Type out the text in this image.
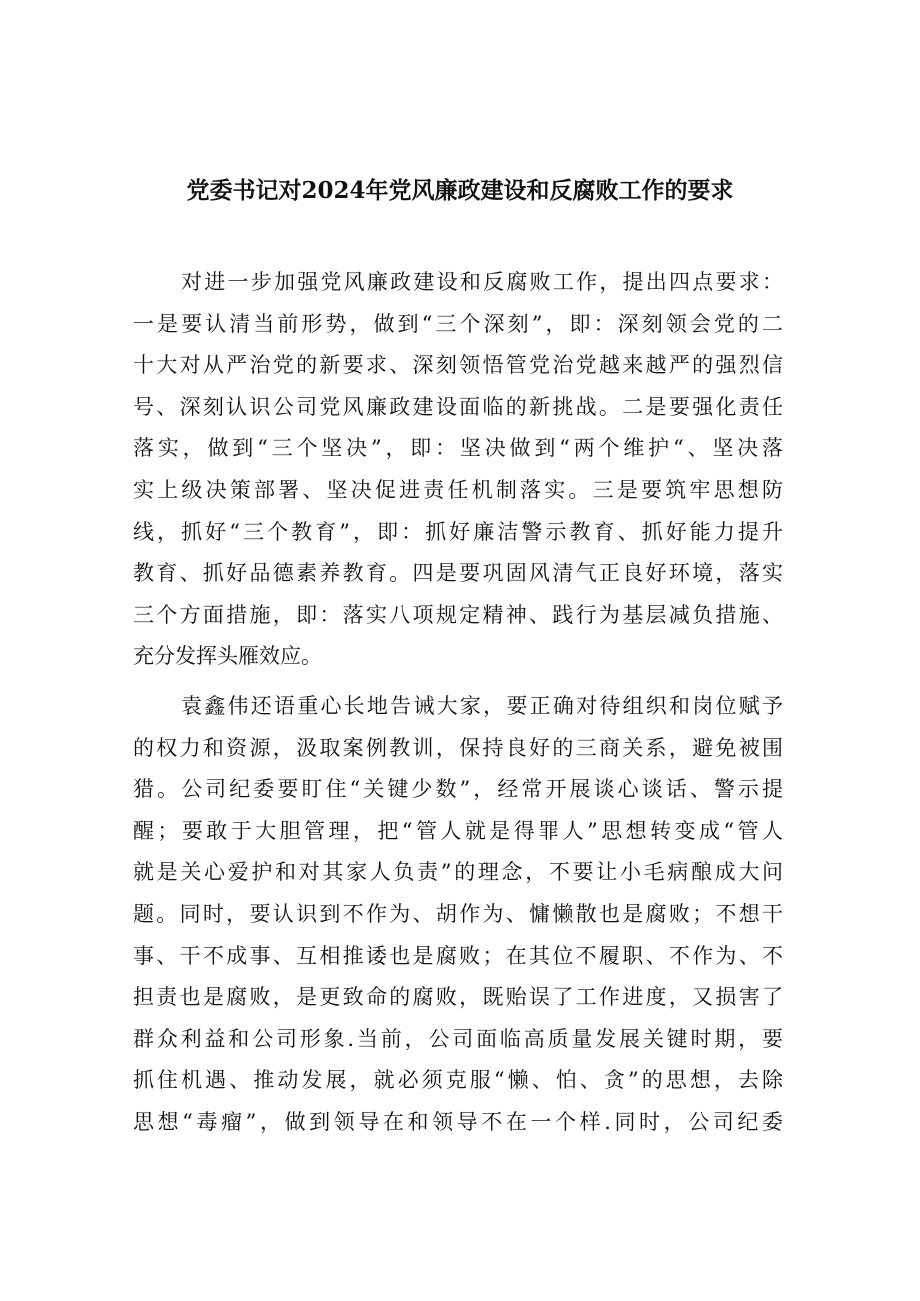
党委书记对2024年党风廉政建设和反腐败工作的要求
对进一步加强党风廉政建设和反腐败工作，提出四点要求：
一是要认清当前形势，做到“三个深刻”，即：深刻领会党的二
十大对从严治党的新要求、深刻领悟管党治党越来越严的强烈信
号、深刻认识公司党风廉政建设面临的新挑战。二是要强化责任
落实，做到“三个坚决”，即：坚决做到“两个维护“、坚决落
实上级决策部署、坚决促进责任机制落实。三是要筑牢思想防
线，抓好“三个教育”，即：抓好廉洁警示教育、抓好能力提升
教育、抓好品德素养教育。四是要巩固风清气正良好环境，落实
三个方面措施，即：落实八项规定精神、践行为基层减负措施、
充分发挥头雁效应。
袁鑫伟还语重心长地告诫大家，要正确对待组织和岗位赋予
的权力和资源，汲取案例教训，保持良好的三商关系，避免被围
猎。公司纪委要盯住“关键少数”，经常开展谈心谈话、警示提
醒；要敢于大胆管理，把“管人就是得罪人”思想转变成“管人
就是关心爱护和对其家人负责”的理念，不要让小毛病酿成大问
题。同时，要认识到不作为、胡作为、慵懒散也是腐败；不想干
事、干不成事、互相推诿也是腐败；在其位不履职、不作为、不
担责也是腐败，是更致命的腐败，既贻误了工作进度，又损害了
群众利益和公司形象.当前，公司面临高质量发展关键时期，要
抓住机遇、推动发展，就必须克服“懒、怕、贪”的思想，去除
思想“毒瘤”，做到领导在和领导不在一个样.同时，公司纪委
